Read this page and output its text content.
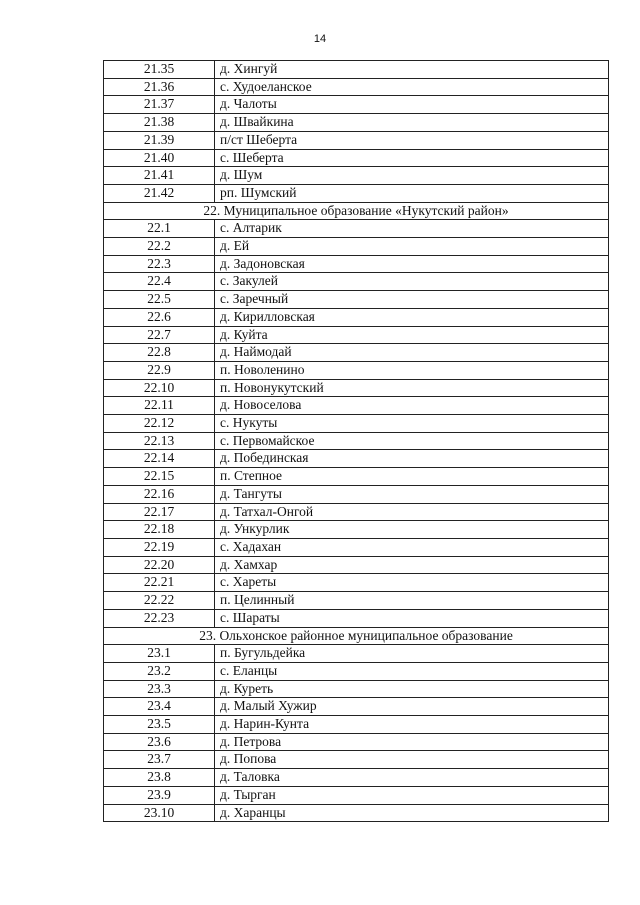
14
21.35	д. Хингуй
21.36	с. Худоеланское
21.37	д. Чалоты
21.38	д. Швайкина
21.39	п/ст Шеберта
21.40	с. Шеберта
21.41	д. Шум
21.42	рп. Шумский
22. Муниципальное образование «Нукутский район»	
22.1	с. Алтарик
22.2	д. Ей
22.3	д. Задоновская
22.4	с. Закулей
22.5	с. Заречный
22.6	д. Кирилловская
22.7	д. Куйта
22.8	д. Наймодай
22.9	п. Новоленино
22.10	п. Новонукутский
22.11	д. Новоселова
22.12	с. Нукуты
22.13	с. Первомайское
22.14	д. Побединская
22.15	п. Степное
22.16	д. Тангуты
22.17	д. Татхал-Онгой
22.18	д. Ункурлик
22.19	с. Хадахан
22.20	д. Хамхар
22.21	с. Хареты
22.22	п. Целинный
22.23	с. Шараты
23. Ольхонское районное муниципальное образование	
23.1	п. Бугульдейка
23.2	с. Еланцы
23.3	д. Куреть
23.4	д. Малый Хужир
23.5	д. Нарин-Кунта
23.6	д. Петрова
23.7	д. Попова
23.8	д. Таловка
23.9	д. Тырган
23.10	д. Харанцы
